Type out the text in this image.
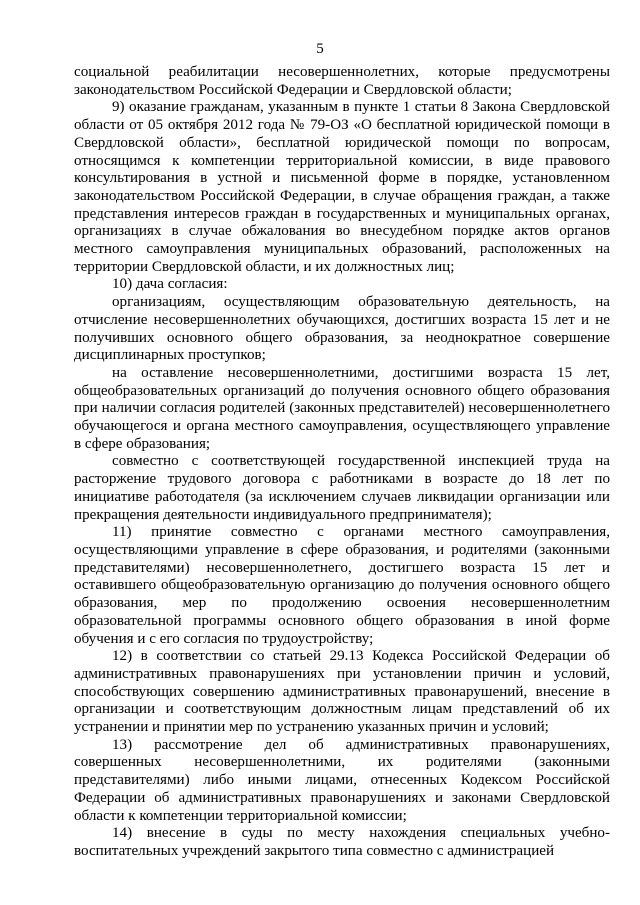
5

социальной реабилитации несовершеннолетних, которые предусмотрены законодательством Российской Федерации и Свердловской области;

9) оказание гражданам, указанным в пункте 1 статьи 8 Закона Свердловской области от 05 октября 2012 года № 79-ОЗ «О бесплатной юридической помощи в Свердловской области», бесплатной юридической помощи по вопросам, относящимся к компетенции территориальной комиссии, в виде правового консультирования в устной и письменной форме в порядке, установленном законодательством Российской Федерации, в случае обращения граждан, а также представления интересов граждан в государственных и муниципальных органах, организациях в случае обжалования во внесудебном порядке актов органов местного самоуправления муниципальных образований, расположенных на территории Свердловской области, и их должностных лиц;

10) дача согласия:

организациям, осуществляющим образовательную деятельность, на отчисление несовершеннолетних обучающихся, достигших возраста 15 лет и не получивших основного общего образования, за неоднократное совершение дисциплинарных проступков;

на оставление несовершеннолетними, достигшими возраста 15 лет, общеобразовательных организаций до получения основного общего образования при наличии согласия родителей (законных представителей) несовершеннолетнего обучающегося и органа местного самоуправления, осуществляющего управление в сфере образования;

совместно с соответствующей государственной инспекцией труда на расторжение трудового договора с работниками в возрасте до 18 лет по инициативе работодателя (за исключением случаев ликвидации организации или прекращения деятельности индивидуального предпринимателя);

11) принятие совместно с органами местного самоуправления, осуществляющими управление в сфере образования, и родителями (законными представителями) несовершеннолетнего, достигшего возраста 15 лет и оставившего общеобразовательную организацию до получения основного общего образования, мер по продолжению освоения несовершеннолетним образовательной программы основного общего образования в иной форме обучения и с его согласия по трудоустройству;

12) в соответствии со статьей 29.13 Кодекса Российской Федерации об административных правонарушениях при установлении причин и условий, способствующих совершению административных правонарушений, внесение в организации и соответствующим должностным лицам представлений об их устранении и принятии мер по устранению указанных причин и условий;

13) рассмотрение дел об административных правонарушениях, совершенных несовершеннолетними, их родителями (законными представителями) либо иными лицами, отнесенных Кодексом Российской Федерации об административных правонарушениях и законами Свердловской области к компетенции территориальной комиссии;

14) внесение в суды по месту нахождения специальных учебно-воспитательных учреждений закрытого типа совместно с администрацией
